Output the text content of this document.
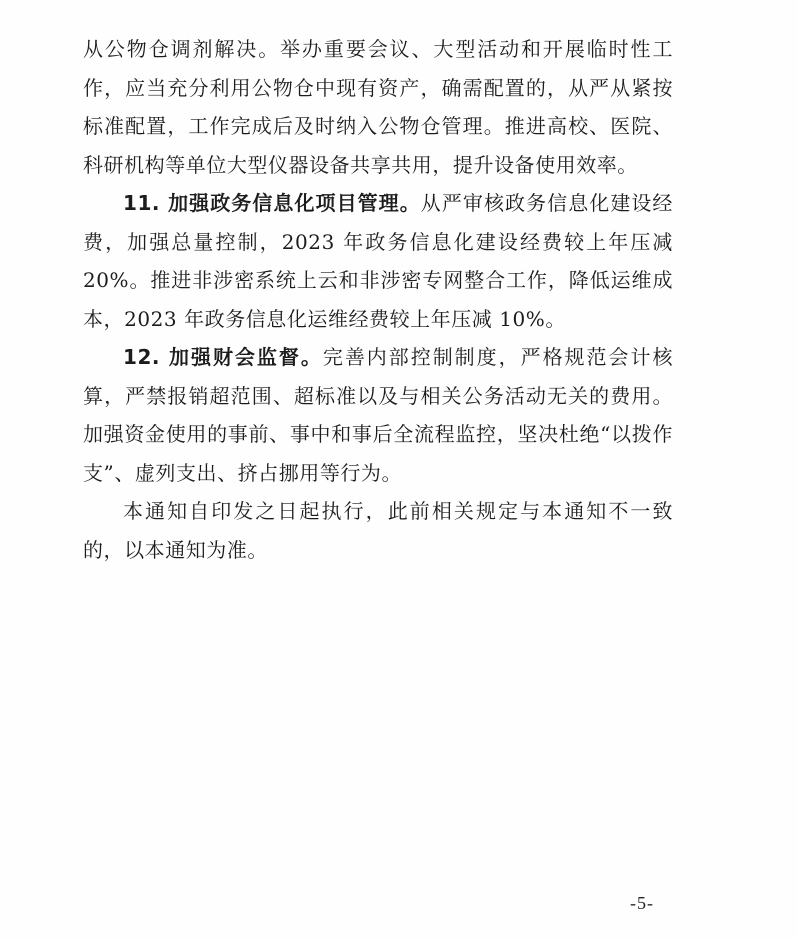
从公物仓调剂解决。举办重要会议、大型活动和开展临时性工作，应当充分利用公物仓中现有资产，确需配置的，从严从紧按标准配置，工作完成后及时纳入公物仓管理。推进高校、医院、科研机构等单位大型仪器设备共享共用，提升设备使用效率。

11. 加强政务信息化项目管理。从严审核政务信息化建设经费，加强总量控制，2023 年政务信息化建设经费较上年压减 20%。推进非涉密系统上云和非涉密专网整合工作，降低运维成本，2023 年政务信息化运维经费较上年压减 10%。

12. 加强财会监督。完善内部控制制度，严格规范会计核算，严禁报销超范围、超标准以及与相关公务活动无关的费用。加强资金使用的事前、事中和事后全流程监控，坚决杜绝“以拨作支”、虚列支出、挤占挪用等行为。

本通知自印发之日起执行，此前相关规定与本通知不一致的，以本通知为准。

-5-
